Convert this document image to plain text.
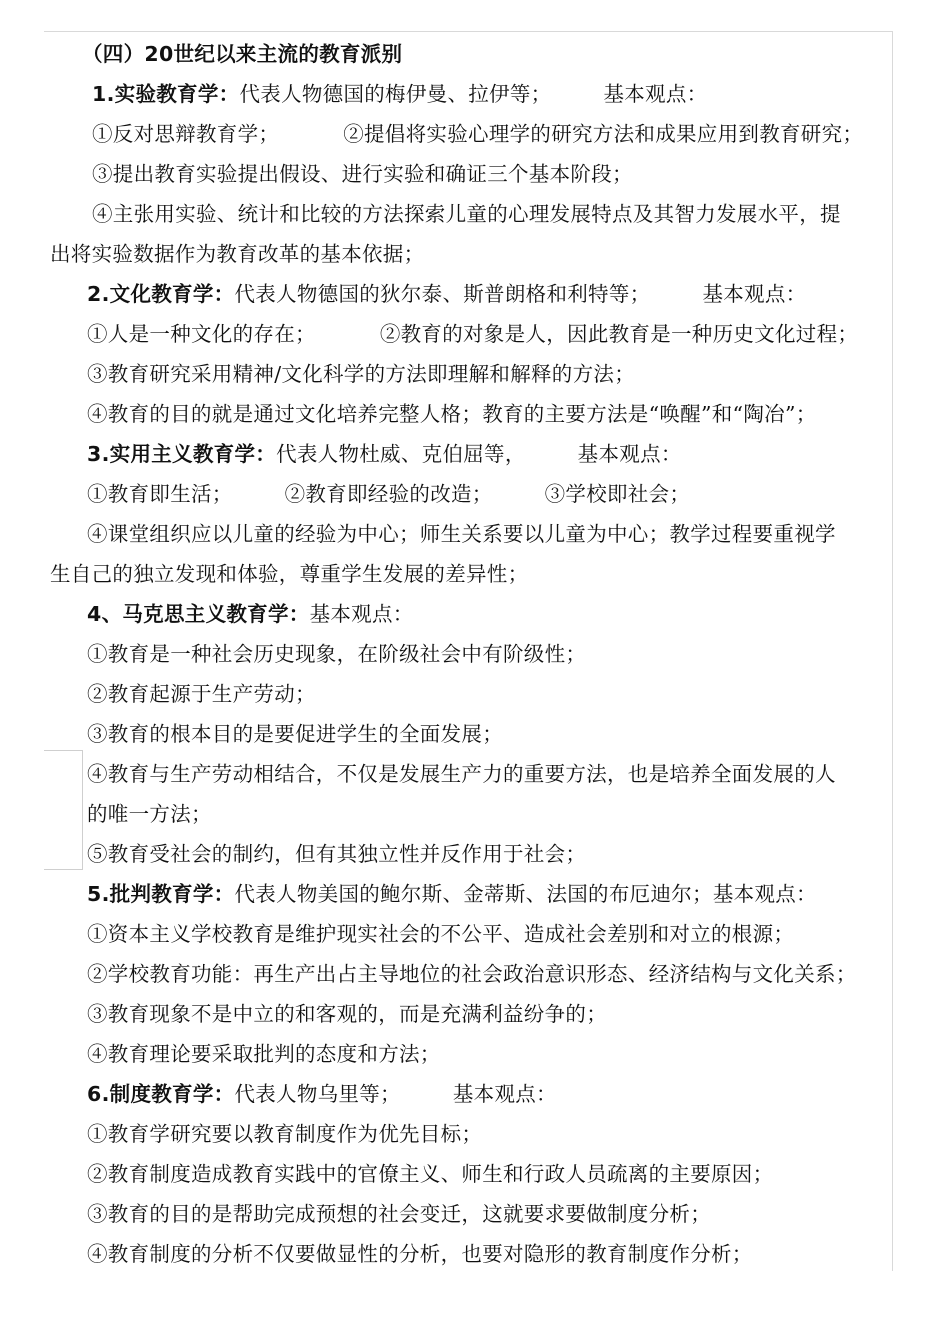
（四）20世纪以来主流的教育派别
1.实验教育学：代表人物德国的梅伊曼、拉伊等；	基本观点：
①反对思辩教育学；	②提倡将实验心理学的研究方法和成果应用到教育研究；
③提出教育实验提出假设、进行实验和确证三个基本阶段；
④主张用实验、统计和比较的方法探索儿童的心理发展特点及其智力发展水平，提
出将实验数据作为教育改革的基本依据；
2.文化教育学：代表人物德国的狄尔泰、斯普朗格和利特等；	基本观点：
①人是一种文化的存在；	②教育的对象是人，因此教育是一种历史文化过程；
③教育研究采用精神/文化科学的方法即理解和解释的方法；
④教育的目的就是通过文化培养完整人格；教育的主要方法是“唤醒”和“陶冶”；
3.实用主义教育学：代表人物杜威、克伯屈等，	基本观点：
①教育即生活；	②教育即经验的改造；	③学校即社会；
④课堂组织应以儿童的经验为中心；师生关系要以儿童为中心；教学过程要重视学
生自己的独立发现和体验，尊重学生发展的差异性；
4、马克思主义教育学：基本观点：
①教育是一种社会历史现象，在阶级社会中有阶级性；
②教育起源于生产劳动；
③教育的根本目的是要促进学生的全面发展；
④教育与生产劳动相结合，不仅是发展生产力的重要方法，也是培养全面发展的人
的唯一方法；
⑤教育受社会的制约，但有其独立性并反作用于社会；
5.批判教育学：代表人物美国的鲍尔斯、金蒂斯、法国的布厄迪尔；基本观点：
①资本主义学校教育是维护现实社会的不公平、造成社会差别和对立的根源；
②学校教育功能：再生产出占主导地位的社会政治意识形态、经济结构与文化关系；
③教育现象不是中立的和客观的，而是充满利益纷争的；
④教育理论要采取批判的态度和方法；
6.制度教育学：代表人物乌里等；	基本观点：
①教育学研究要以教育制度作为优先目标；
②教育制度造成教育实践中的官僚主义、师生和行政人员疏离的主要原因；
③教育的目的是帮助完成预想的社会变迁，这就要求要做制度分析；
④教育制度的分析不仅要做显性的分析，也要对隐形的教育制度作分析；
